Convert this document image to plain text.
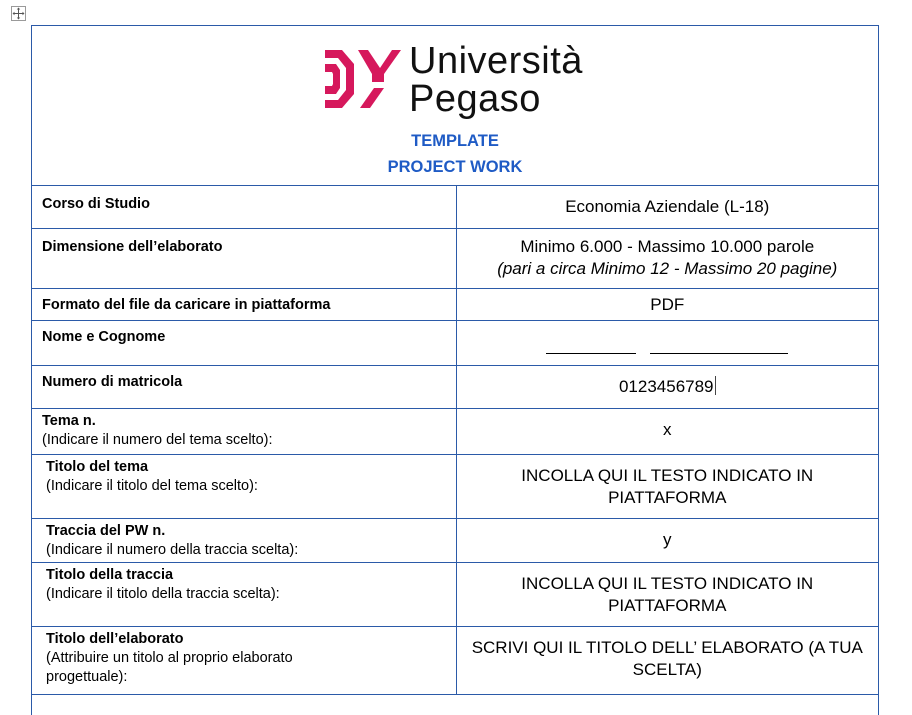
Università
Pegaso
TEMPLATE
PROJECT WORK
Corso di Studio	Economia Aziendale (L-18)

Dimensione dell’elaborato	Minimo 6.000 - Massimo 10.000 parole
(pari a circa Minimo 12 - Massimo 20 pagine)

Formato del file da caricare in piattaforma	PDF

Nome e Cognome	

Numero di matricola	0123456789

Tema n.
(Indicare il numero del tema scelto):	x

Titolo del tema
(Indicare il titolo del tema scelto):	INCOLLA QUI IL TESTO INDICATO IN PIATTAFORMA

Traccia del PW n.
(Indicare il numero della traccia scelta):	y

Titolo della traccia
(Indicare il titolo della traccia scelta):	INCOLLA QUI IL TESTO INDICATO IN PIATTAFORMA

Titolo dell’elaborato
(Attribuire un titolo al proprio elaborato progettuale):	SCRIVI QUI IL TITOLO DELL’ ELABORATO (A TUA SCELTA)
